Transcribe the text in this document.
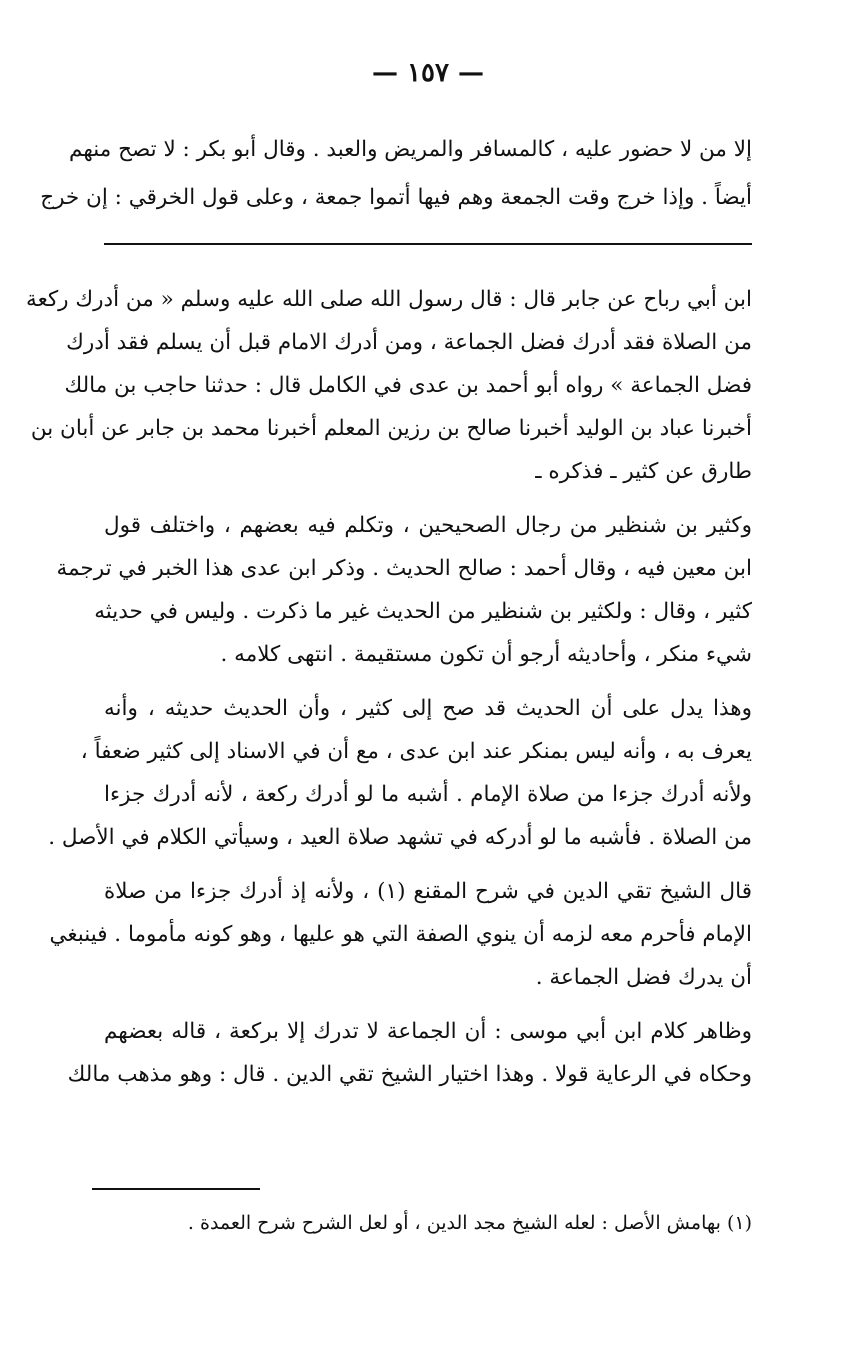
— ١٥٧ —
إلا من لا حضور عليه ، كالمسافر والمريض والعبد . وقال أبو بكر : لا تصح منهم
أيضاً . وإذا خرج وقت الجمعة وهم فيها أتموا جمعة ، وعلى قول الخرقي : إن خرج
ابن أبي رباح عن جابر قال : قال رسول الله صلى الله عليه وسلم « من أدرك ركعة
من الصلاة فقد أدرك فضل الجماعة ، ومن أدرك الامام قبل أن يسلم فقد أدرك
فضل الجماعة » رواه أبو أحمد بن عدى في الكامل قال : حدثنا حاجب بن مالك
أخبرنا عباد بن الوليد أخبرنا صالح بن رزين المعلم أخبرنا محمد بن جابر عن أبان بن
طارق عن كثير ـ فذكره ـ
وكثير بن شنظير من رجال الصحيحين ، وتكلم فيه بعضهم ، واختلف قول
ابن معين فيه ، وقال أحمد : صالح الحديث . وذكر ابن عدى هذا الخبر في ترجمة
كثير ، وقال : ولكثير بن شنظير من الحديث غير ما ذكرت . وليس في حديثه
شيء منكر ، وأحاديثه أرجو أن تكون مستقيمة . انتهى كلامه .
وهذا يدل على أن الحديث قد صح إلى كثير ، وأن الحديث حديثه ، وأنه
يعرف به ، وأنه ليس بمنكر عند ابن عدى ، مع أن في الاسناد إلى كثير ضعفاً ،
ولأنه أدرك جزءا من صلاة الإمام . أشبه ما لو أدرك ركعة ، لأنه أدرك جزءا
من الصلاة . فأشبه ما لو أدركه في تشهد صلاة العيد ، وسيأتي الكلام في الأصل .
قال الشيخ تقي الدين في شرح المقنع (١) ، ولأنه إذ أدرك جزءا من صلاة
الإمام فأحرم معه لزمه أن ينوي الصفة التي هو عليها ، وهو كونه مأموما . فينبغي
أن يدرك فضل الجماعة .
وظاهر كلام ابن أبي موسى : أن الجماعة لا تدرك إلا بركعة ، قاله بعضهم
وحكاه في الرعاية قولا . وهذا اختيار الشيخ تقي الدين . قال : وهو مذهب مالك
(١) بهامش الأصل : لعله الشيخ مجد الدين ، أو لعل الشرح شرح العمدة .
